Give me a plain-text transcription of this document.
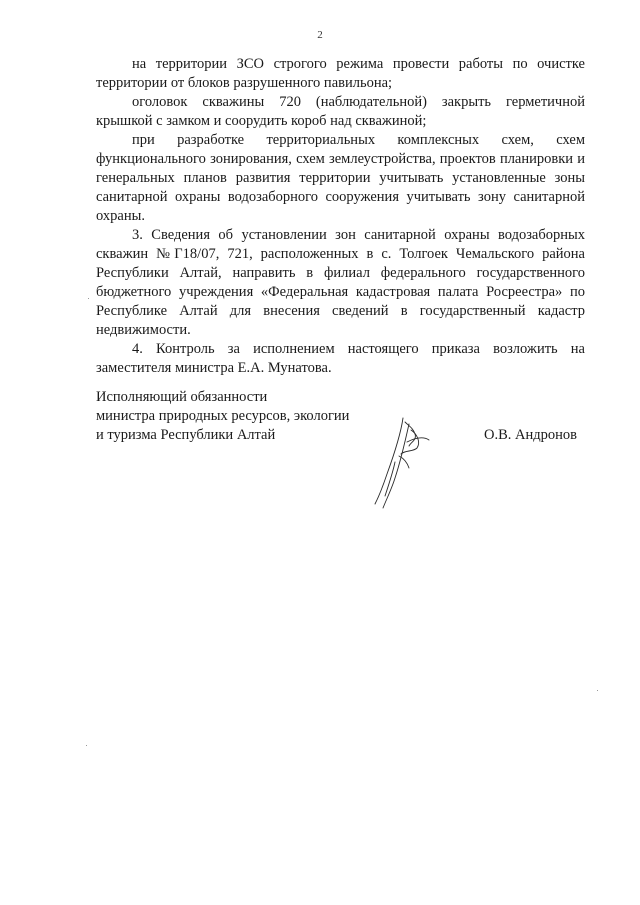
2

на территории ЗСО строгого режима провести работы по очистке территории от блоков разрушенного павильона;

оголовок скважины 720 (наблюдательной) закрыть герметичной крышкой с замком и соорудить короб над скважиной;

при разработке территориальных комплексных схем, схем функционального зонирования, схем землеустройства, проектов планировки и генеральных планов развития территории учитывать установленные зоны санитарной охраны водозаборного сооружения учитывать зону санитарной охраны.

3. Сведения об установлении зон санитарной охраны водозаборных скважин №Г18/07, 721, расположенных в с. Толгоек Чемальского района Республики Алтай, направить в филиал федерального государственного бюджетного учреждения «Федеральная кадастровая палата Росреестра» по Республике Алтай для внесения сведений в государственный кадастр недвижимости.

4. Контроль за исполнением настоящего приказа возложить на заместителя министра Е.А. Мунатова.

Исполняющий обязанности
министра природных ресурсов, экологии
и туризма Республики Алтай	О.В. Андронов
